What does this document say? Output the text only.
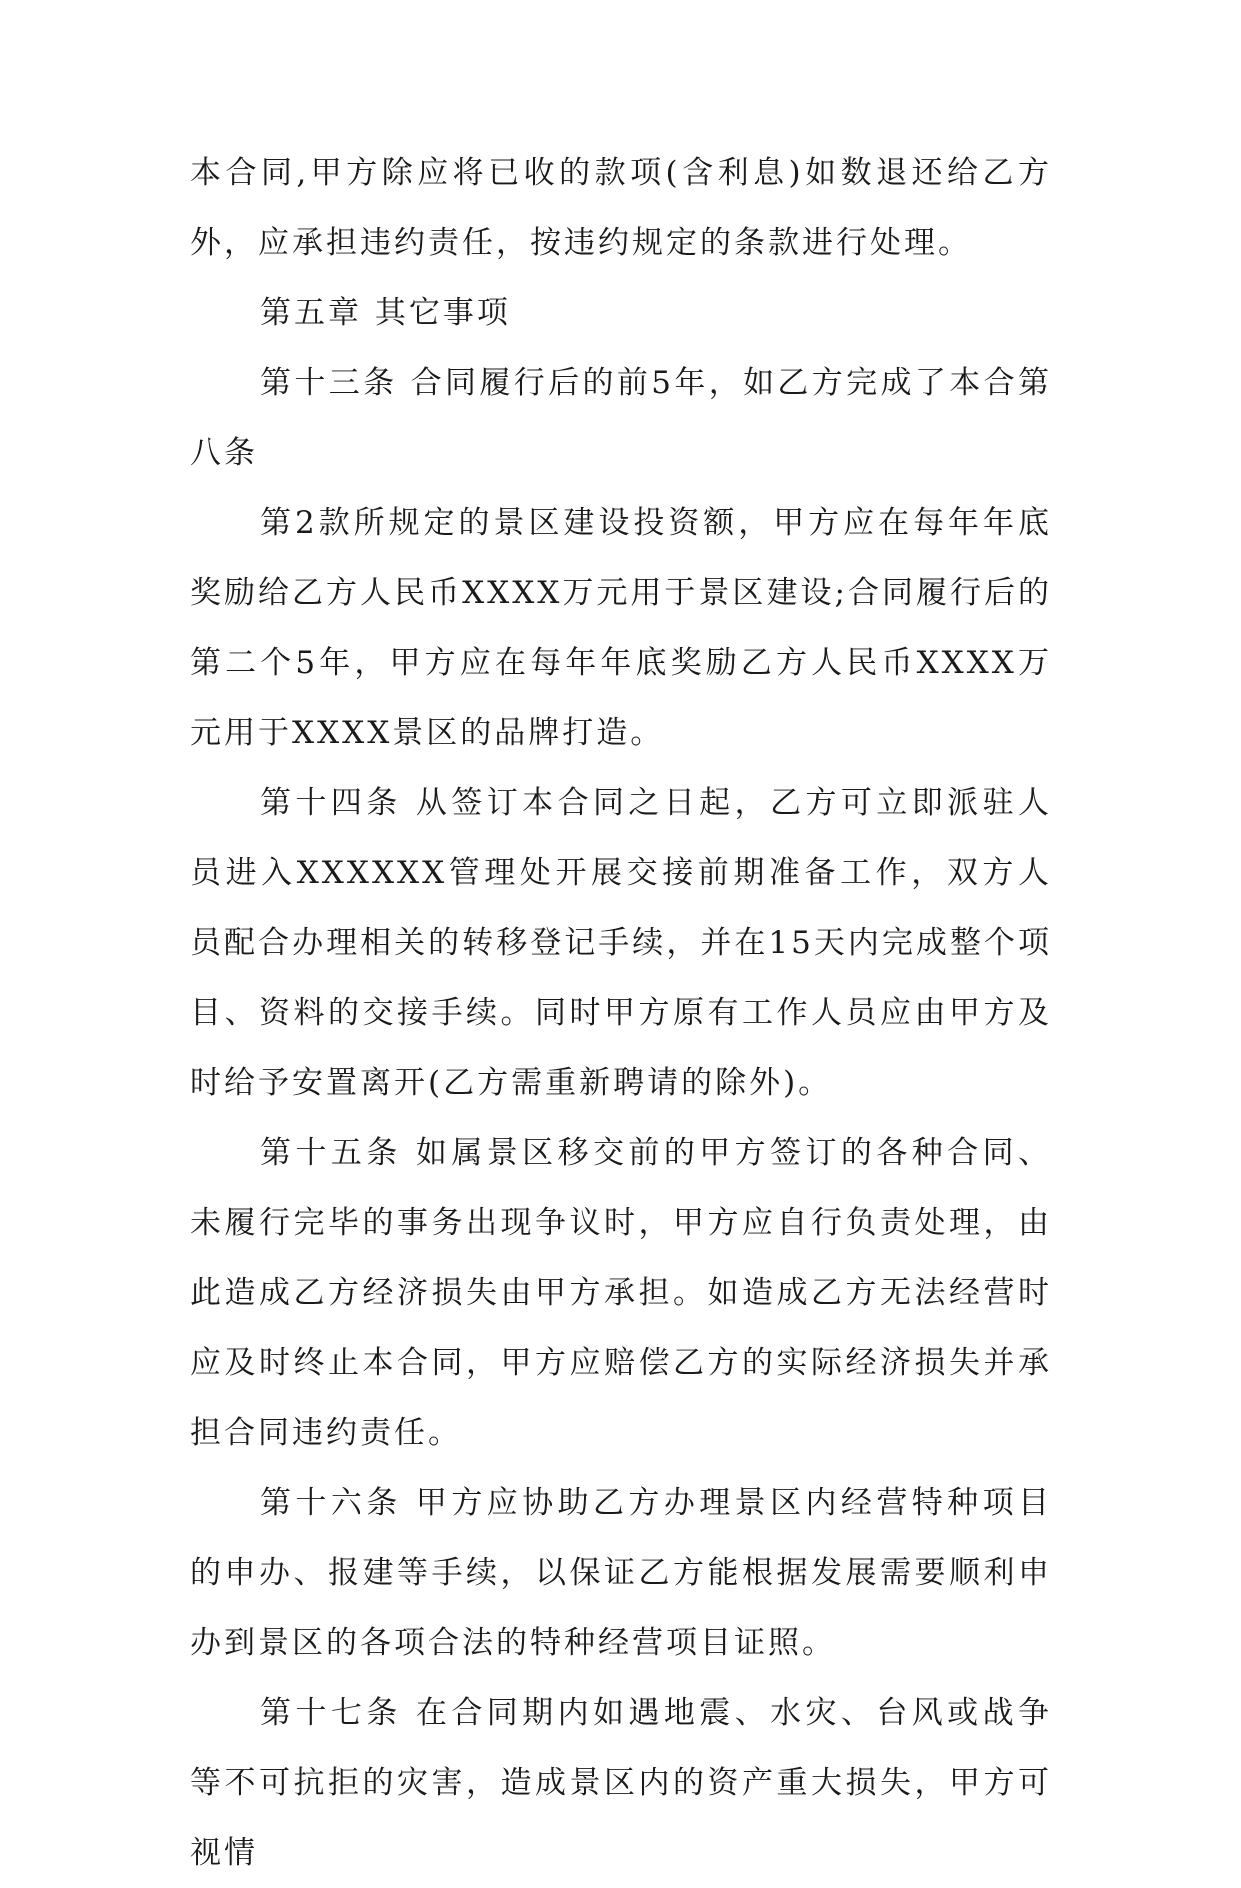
本合同,甲方除应将已收的款项(含利息)如数退还给乙方外，应承担违约责任，按违约规定的条款进行处理。

第五章 其它事项

第十三条 合同履行后的前5年，如乙方完成了本合第八条

第2款所规定的景区建设投资额，甲方应在每年年底奖励给乙方人民币XXXX万元用于景区建设;合同履行后的第二个5年，甲方应在每年年底奖励乙方人民币XXXX万元用于XXXX景区的品牌打造。

第十四条 从签订本合同之日起，乙方可立即派驻人员进入XXXXXX管理处开展交接前期准备工作，双方人员配合办理相关的转移登记手续，并在15天内完成整个项目、资料的交接手续。同时甲方原有工作人员应由甲方及时给予安置离开(乙方需重新聘请的除外)。

第十五条 如属景区移交前的甲方签订的各种合同、未履行完毕的事务出现争议时，甲方应自行负责处理，由此造成乙方经济损失由甲方承担。如造成乙方无法经营时应及时终止本合同，甲方应赔偿乙方的实际经济损失并承担合同违约责任。

第十六条 甲方应协助乙方办理景区内经营特种项目的申办、报建等手续，以保证乙方能根据发展需要顺利申办到景区的各项合法的特种经营项目证照。

第十七条 在合同期内如遇地震、水灾、台风或战争等不可抗拒的灾害，造成景区内的资产重大损失，甲方可视情
